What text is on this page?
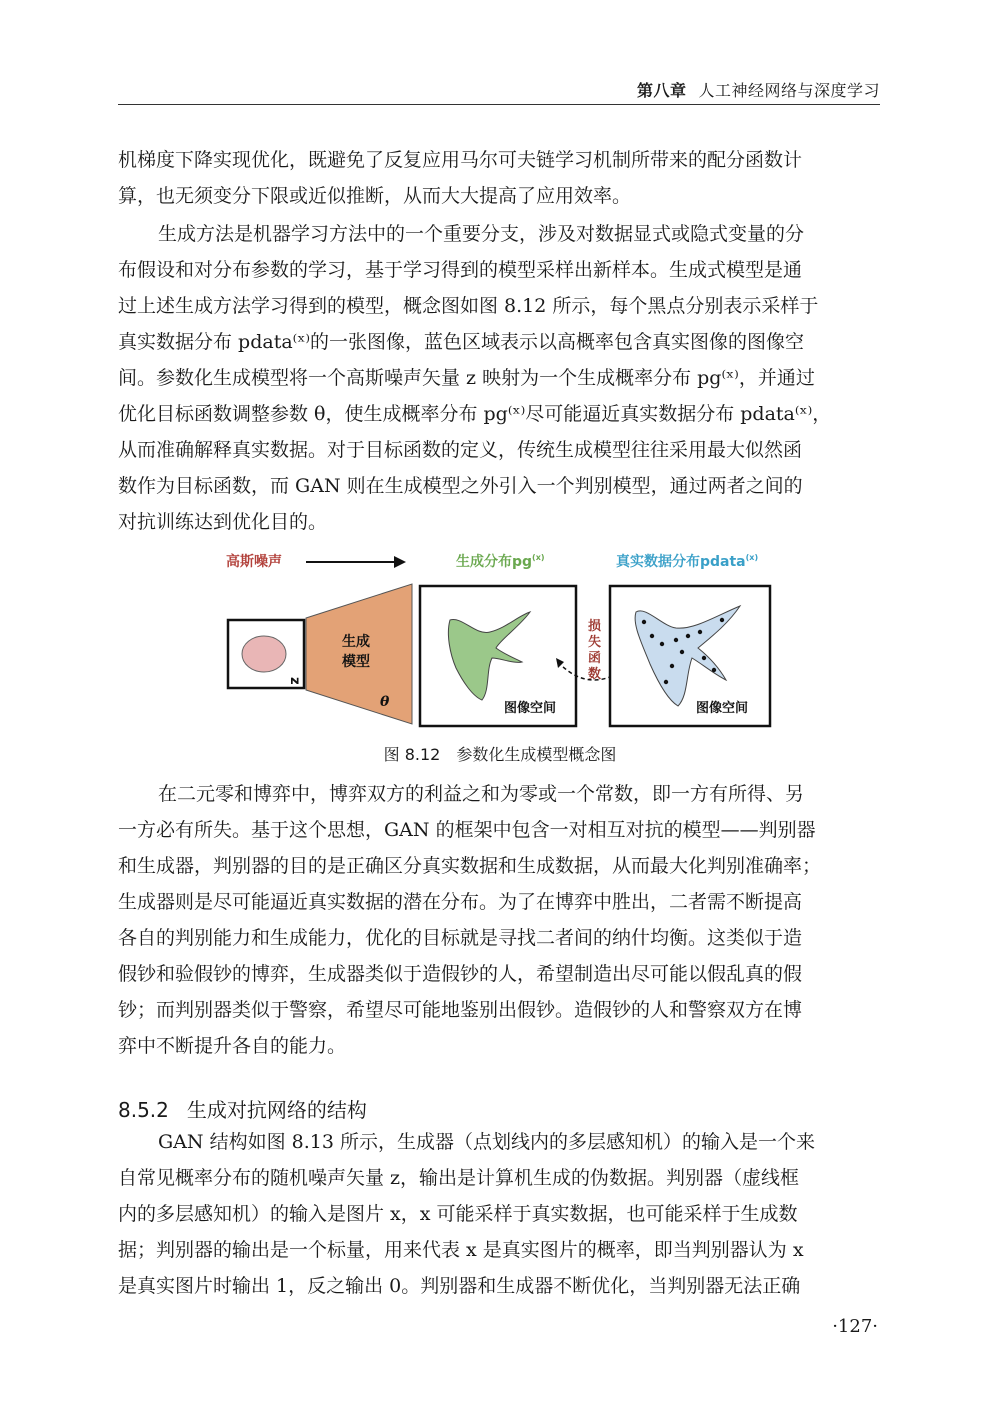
第八章 人工神经网络与深度学习
机梯度下降实现优化，既避免了反复应用马尔可夫链学习机制所带来的配分函数计
算，也无须变分下限或近似推断，从而大大提高了应用效率。
生成方法是机器学习方法中的一个重要分支，涉及对数据显式或隐式变量的分
布假设和对分布参数的学习，基于学习得到的模型采样出新样本。生成式模型是通
过上述生成方法学习得到的模型，概念图如图 8.12 所示，每个黑点分别表示采样于
真实数据分布 pdata⁽ˣ⁾的一张图像，蓝色区域表示以高概率包含真实图像的图像空
间。参数化生成模型将一个高斯噪声矢量 z 映射为一个生成概率分布 pg⁽ˣ⁾，并通过
优化目标函数调整参数 θ，使生成概率分布 pg⁽ˣ⁾尽可能逼近真实数据分布 pdata⁽ˣ⁾，
从而准确解释真实数据。对于目标函数的定义，传统生成模型往往采用最大似然函
数作为目标函数，而 GAN 则在生成模型之外引入一个判别模型，通过两者之间的
对抗训练达到优化目的。
高斯噪声	生成分布$pg^{(x)}$	真实数据分布pdata$^{(x)}$
z
生成
模型
θ	图像空间
损
失
函
数
图像空间
图 8.12　参数化生成模型概念图
在二元零和博弈中，博弈双方的利益之和为零或一个常数，即一方有所得、另
一方必有所失。基于这个思想，GAN 的框架中包含一对相互对抗的模型——判别器
和生成器，判别器的目的是正确区分真实数据和生成数据，从而最大化判别准确率；
生成器则是尽可能逼近真实数据的潜在分布。为了在博弈中胜出，二者需不断提高
各自的判别能力和生成能力，优化的目标就是寻找二者间的纳什均衡。这类似于造
假钞和验假钞的博弈，生成器类似于造假钞的人，希望制造出尽可能以假乱真的假
钞；而判别器类似于警察，希望尽可能地鉴别出假钞。造假钞的人和警察双方在博
弈中不断提升各自的能力。
8.5.2 生成对抗网络的结构
GAN 结构如图 8.13 所示，生成器（点划线内的多层感知机）的输入是一个来
自常见概率分布的随机噪声矢量 z，输出是计算机生成的伪数据。判别器（虚线框
内的多层感知机）的输入是图片 x，x 可能采样于真实数据，也可能采样于生成数
据；判别器的输出是一个标量，用来代表 x 是真实图片的概率，即当判别器认为 x
是真实图片时输出 1，反之输出 0。判别器和生成器不断优化，当判别器无法正确
·127·
